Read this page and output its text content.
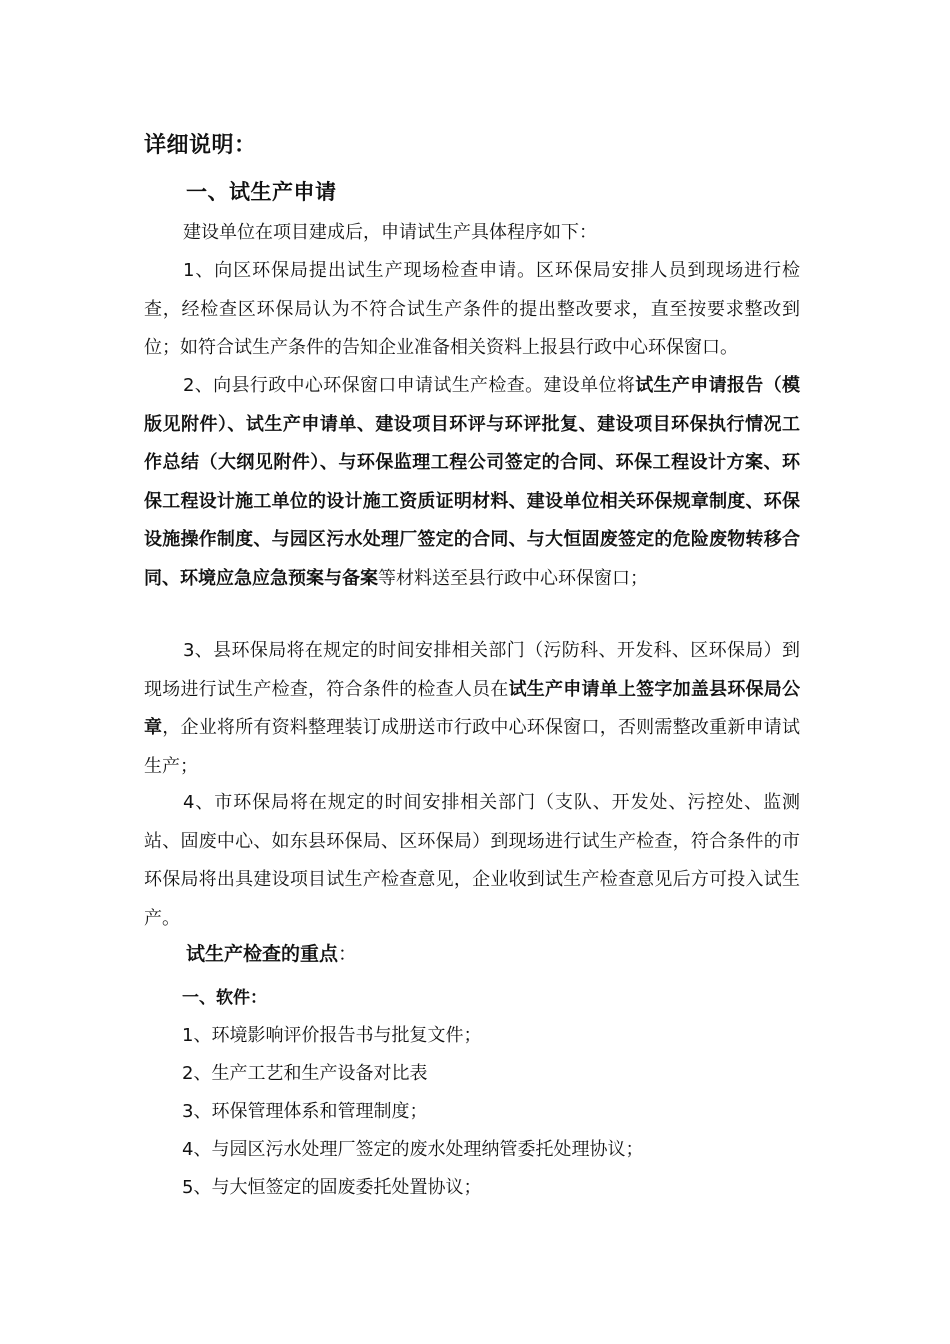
详细说明：
一、试生产申请

建设单位在项目建成后，申请试生产具体程序如下：

1、向区环保局提出试生产现场检查申请。区环保局安排人员到现场进行检查，经检查区环保局认为不符合试生产条件的提出整改要求，直至按要求整改到位；如符合试生产条件的告知企业准备相关资料上报县行政中心环保窗口。

2、向县行政中心环保窗口申请试生产检查。建设单位将试生产申请报告（模版见附件）、试生产申请单、建设项目环评与环评批复、建设项目环保执行情况工作总结（大纲见附件）、与环保监理工程公司签定的合同、环保工程设计方案、环保工程设计施工单位的设计施工资质证明材料、建设单位相关环保规章制度、环保设施操作制度、与园区污水处理厂签定的合同、与大恒固废签定的危险废物转移合同、环境应急应急预案与备案等材料送至县行政中心环保窗口；

3、县环保局将在规定的时间安排相关部门（污防科、开发科、区环保局）到现场进行试生产检查，符合条件的检查人员在试生产申请单上签字加盖县环保局公章，企业将所有资料整理装订成册送市行政中心环保窗口，否则需整改重新申请试生产；

4、市环保局将在规定的时间安排相关部门（支队、开发处、污控处、监测站、固废中心、如东县环保局、区环保局）到现场进行试生产检查，符合条件的市环保局将出具建设项目试生产检查意见，企业收到试生产检查意见后方可投入试生产。

试生产检查的重点：
一、软件：
1、环境影响评价报告书与批复文件；
2、生产工艺和生产设备对比表
3、环保管理体系和管理制度；
4、与园区污水处理厂签定的废水处理纳管委托处理协议；
5、与大恒签定的固废委托处置协议；
